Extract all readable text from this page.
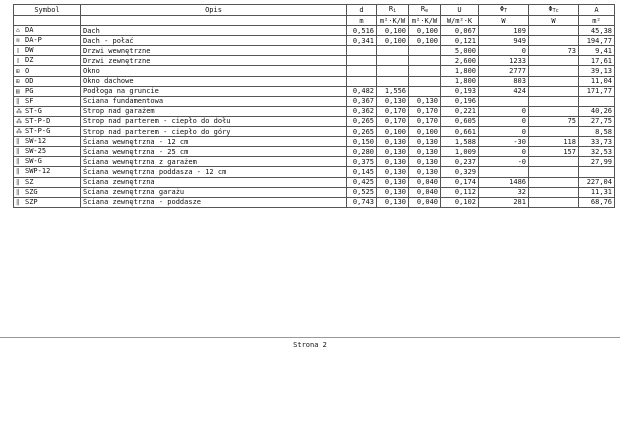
Symbol	Opis	d	$R_i$	$R_e$	U	$\Phi_T$	$\Phi_{Tc}$	A
		m	m²·K/W	m²·K/W	W/m²·K	W	W	m²
⌂ DA	Dach	0,516	0,100	0,100	0,067	109		45,38
≋ DA-P	Dach - połać	0,341	0,100	0,100	0,121	949		194,77
▯ DW	Drzwi wewnętrzne				5,000	0	73	9,41
▯ DZ	Drzwi zewnętrzne				2,600	1233		17,61
⊞ O	Okno				1,800	2777		39,13
⊞ OD	Okno dachowe				1,800	803		11,04
▤ PG	Podłoga na gruncie	0,482	1,556		0,193	424		171,77
‖ SF	Ściana fundamentowa	0,367	0,130	0,130	0,196			
⁂ ST-G	Strop nad garażem	0,362	0,170	0,170	0,221	0		40,26
⁂ ST-P-D	Strop nad parterem - ciepło do dołu	0,265	0,170	0,170	0,605	0	75	27,75
⁂ ST-P-G	Strop nad parterem - ciepło do góry	0,265	0,100	0,100	0,661	0		8,58
‖ SW-12	Ściana wewnętrzna - 12 cm	0,150	0,130	0,130	1,588	-30	118	33,73
‖ SW-25	Ściana wewnętrzna - 25 cm	0,280	0,130	0,130	1,009	0	157	32,53
‖ SW-G	Ściana wewnętrzna z garażem	0,375	0,130	0,130	0,237	-0		27,99
‖ SWP-12	Ściana wewnętrzna poddasza - 12 cm	0,145	0,130	0,130	0,329			
‖ SZ	Ściana zewnętrzna	0,425	0,130	0,040	0,174	1486		227,04
‖ SZG	Ściana zewnętrzna garażu	0,525	0,130	0,040	0,112	32		11,31
‖ SZP	Ściana zewnętrzna - poddasze	0,743	0,130	0,040	0,102	281		68,76
Strona 2
